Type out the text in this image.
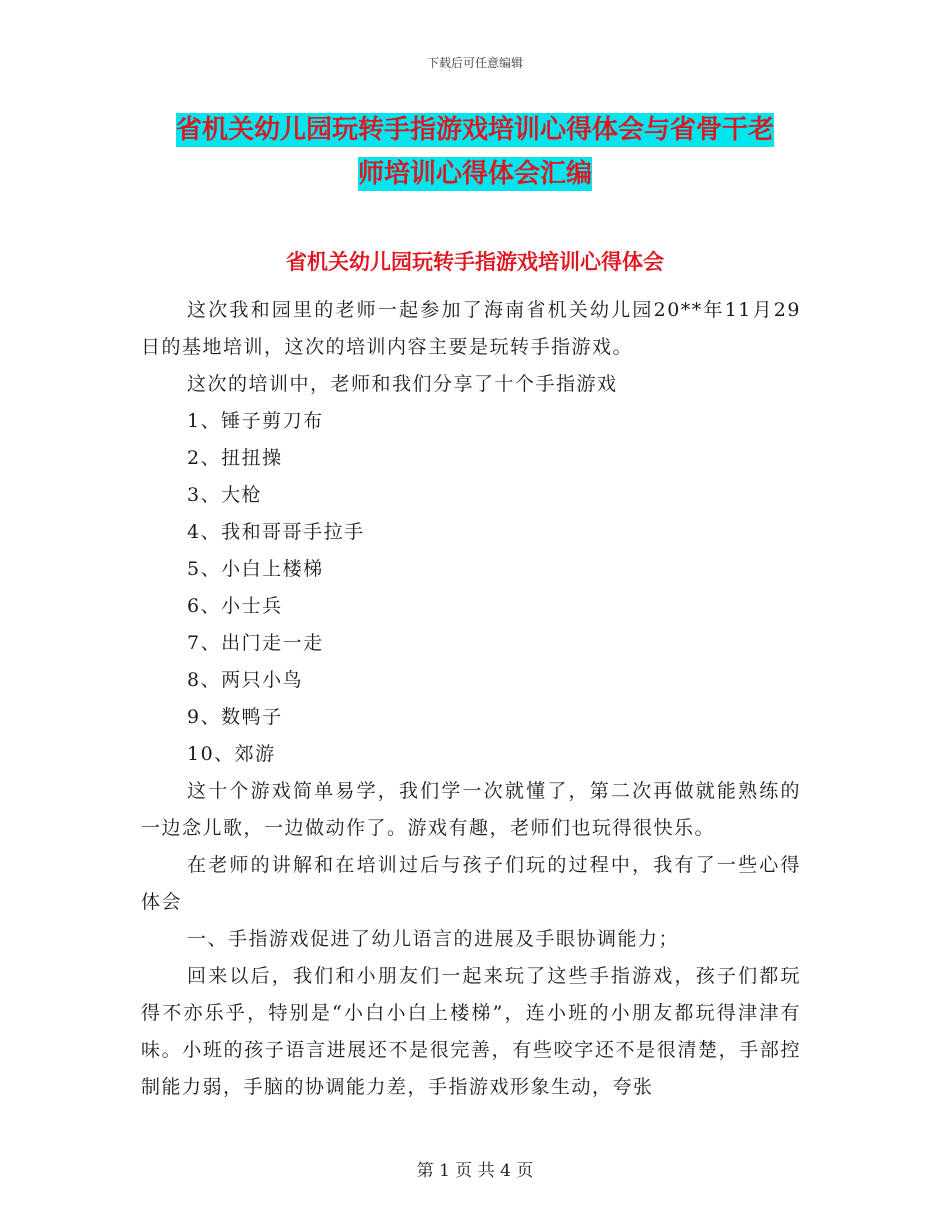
下载后可任意编辑
省机关幼儿园玩转手指游戏培训心得体会与省骨干老
师培训心得体会汇编
省机关幼儿园玩转手指游戏培训心得体会

这次我和园里的老师一起参加了海南省机关幼儿园20**年11月29日的基地培训，这次的培训内容主要是玩转手指游戏。

这次的培训中，老师和我们分享了十个手指游戏

1、锤子剪刀布

2、扭扭操

3、大枪

4、我和哥哥手拉手

5、小白上楼梯

6、小士兵

7、出门走一走

8、两只小鸟

9、数鸭子

10、郊游

这十个游戏简单易学，我们学一次就懂了，第二次再做就能熟练的一边念儿歌，一边做动作了。游戏有趣，老师们也玩得很快乐。

在老师的讲解和在培训过后与孩子们玩的过程中，我有了一些心得体会

一、手指游戏促进了幼儿语言的进展及手眼协调能力；

回来以后，我们和小朋友们一起来玩了这些手指游戏，孩子们都玩得不亦乐乎，特别是“小白小白上楼梯”，连小班的小朋友都玩得津津有味。小班的孩子语言进展还不是很完善，有些咬字还不是很清楚，手部控制能力弱，手脑的协调能力差，手指游戏形象生动，夸张

第 1 页 共 4 页
